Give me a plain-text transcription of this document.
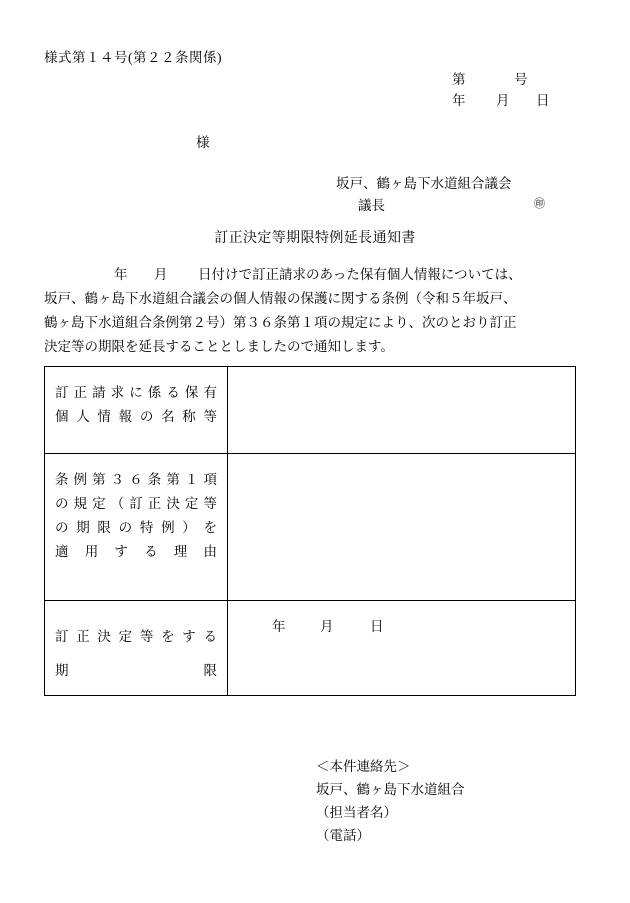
様式第１４号(第２２条関係)
第	号
年 月 日
様
坂戸、鶴ヶ島下水道組合議会
議長	㊞
訂正決定等期限特例延長通知書
年 月 日付けで訂正請求のあった保有個人情報については、
坂戸、鶴ヶ島下水道組合議会の個人情報の保護に関する条例（令和５年坂戸、
鶴ヶ島下水道組合条例第２号）第３６条第１項の規定により、次のとおり訂正
決定等の期限を延長することとしましたので通知します。
訂正請求に係る保有
個人情報の名称等	

条例第３６条第１項
の規定（訂正決定等
の期限の特例）を
適用する理由	

訂正決定等をする
期限	年 月 日
＜本件連絡先＞
坂戸、鶴ヶ島下水道組合
（担当者名）
（電話）
